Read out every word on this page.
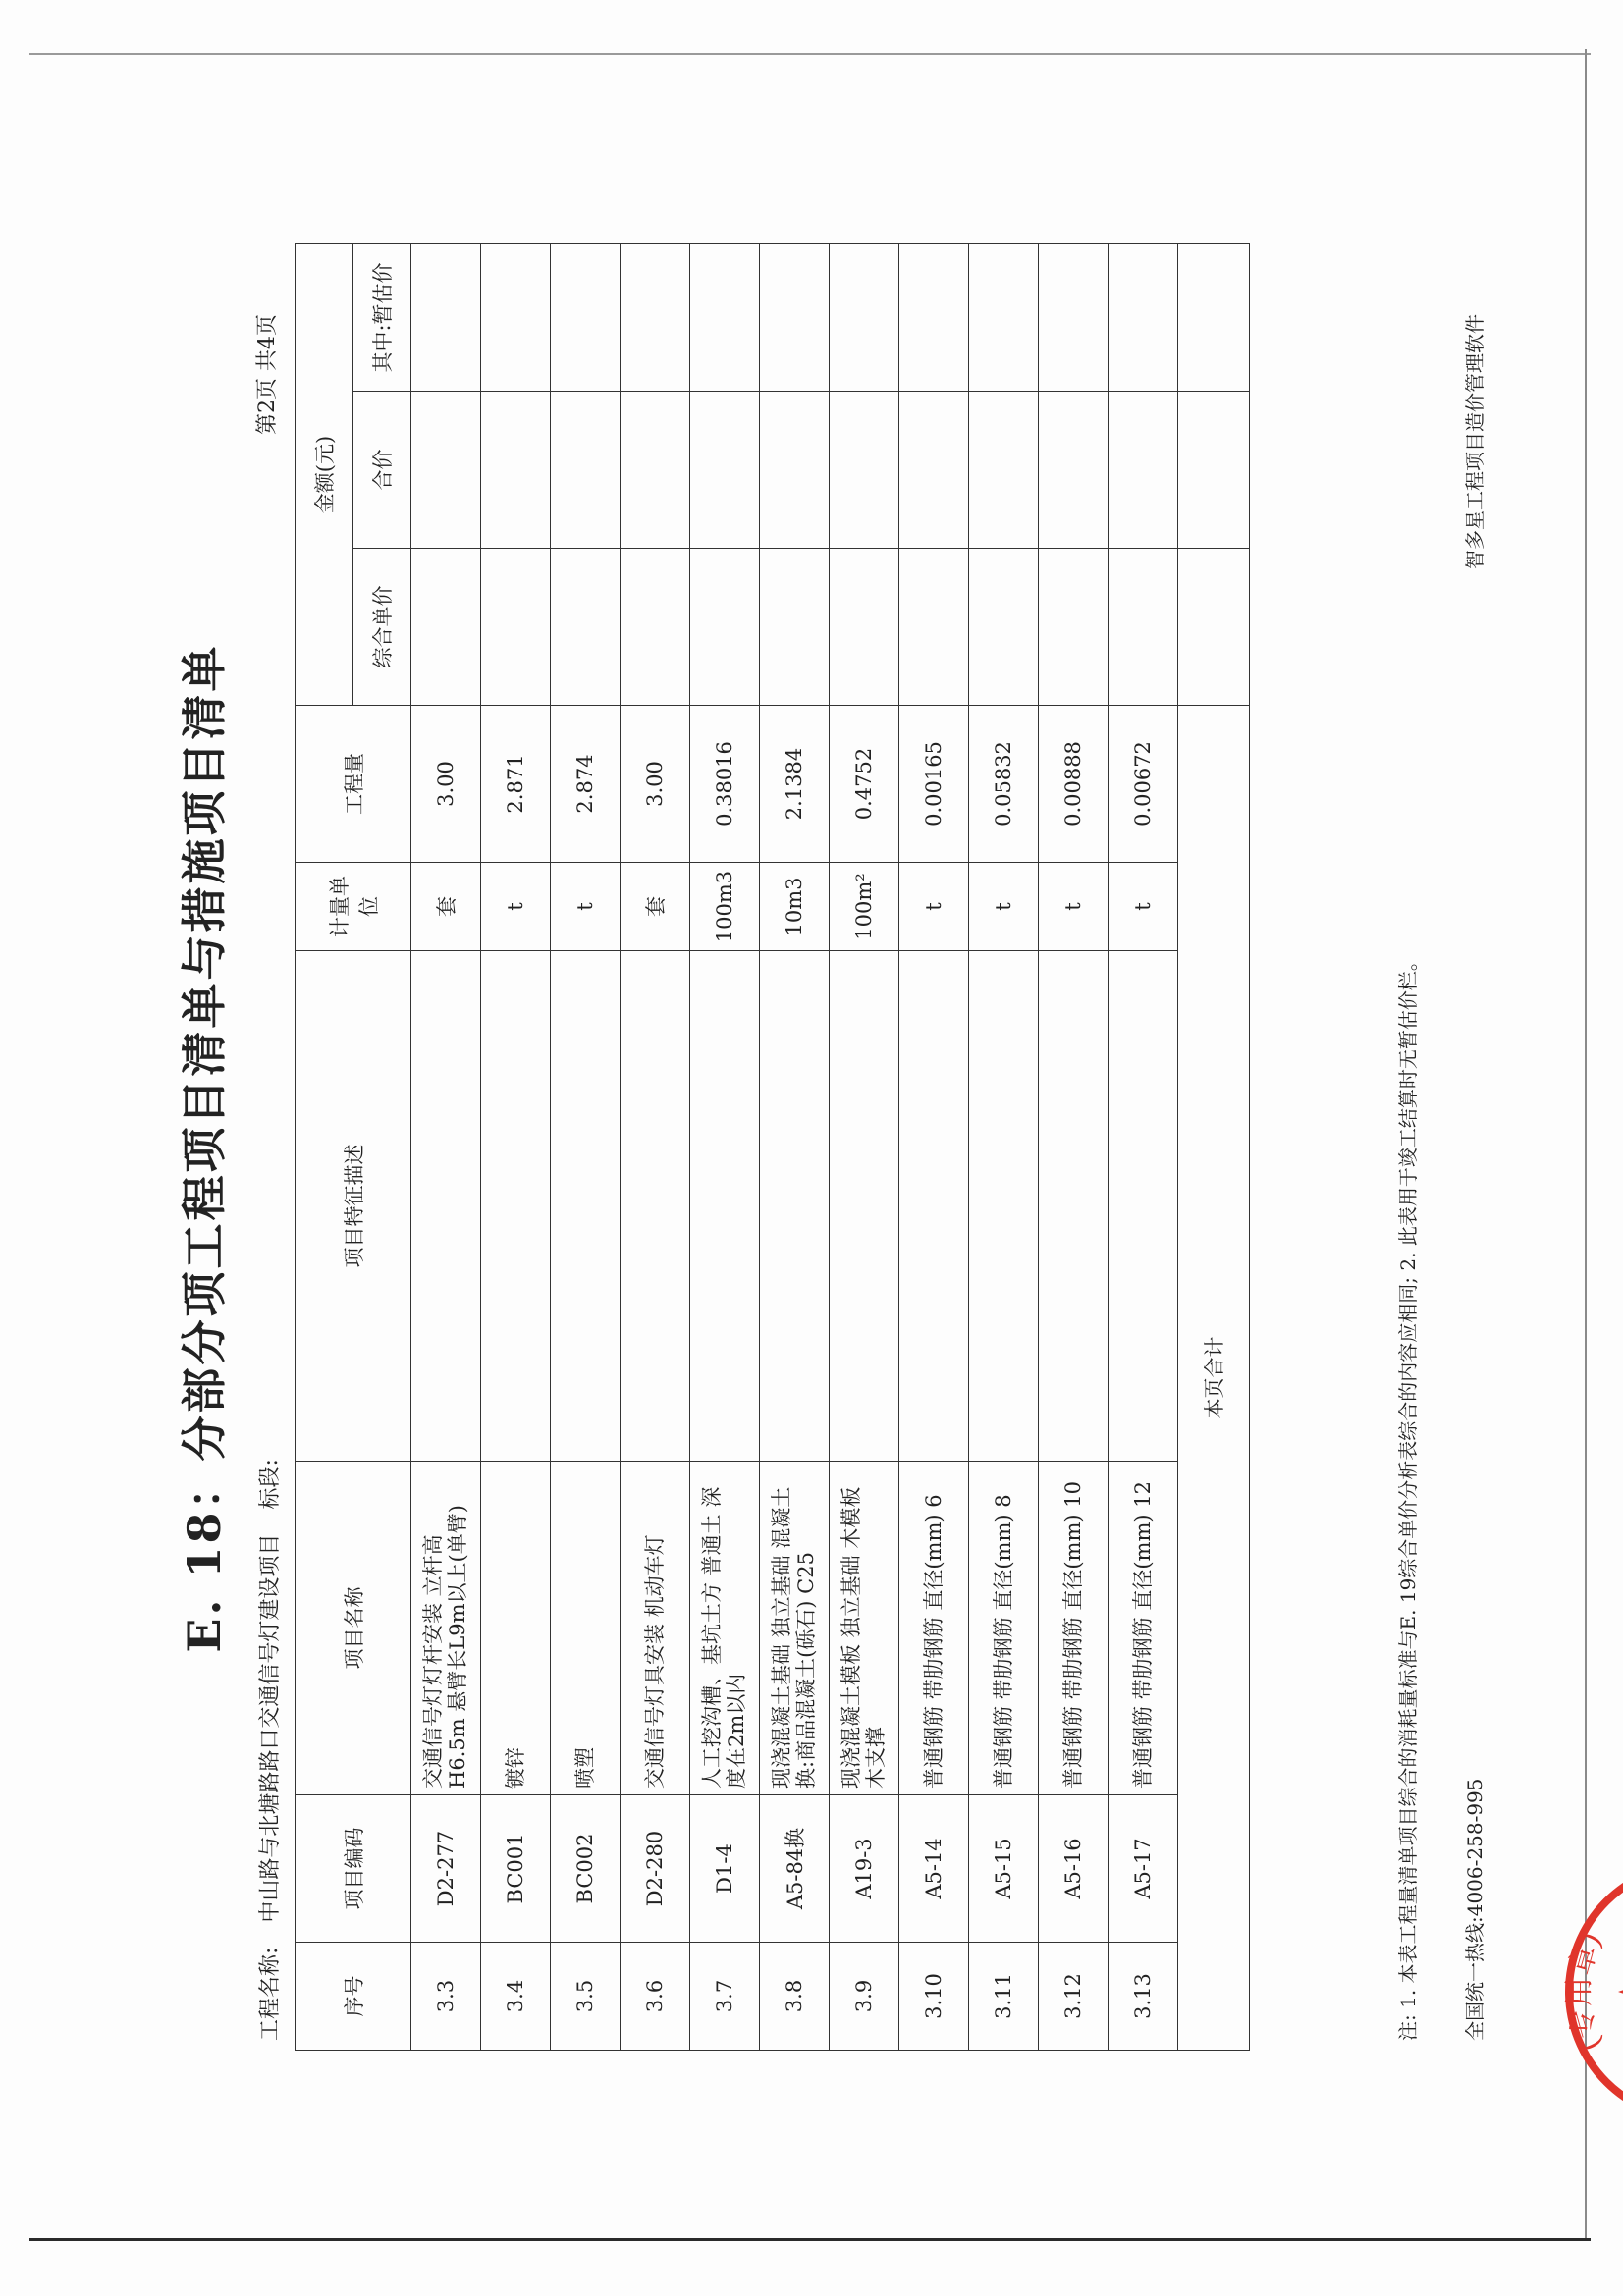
E. 18：分部分项工程项目清单与措施项目清单
第2页 共4页
工程名称: 中山路与北塘路路口交通信号灯建设项目 标段:
序号	项目编码	项目名称	项目特征描述	计量单位	工程量	金额(元)		
						综合单价	合价	其中:暂估价
3.3	D2-277	交通信号灯灯杆安装 立杆高H6.5m 悬臂长L9m以上(单臂)		套	3.00			
3.4	BC001	镀锌		t	2.871			
3.5	BC002	喷塑		t	2.874			
3.6	D2-280	交通信号灯具安装 机动车灯		套	3.00			
3.7	D1-4	人工挖沟槽、基坑土方 普通土 深度在2m以内		100m3	0.38016			
3.8	A5-84换	现浇混凝土基础 独立基础 混凝土 换:商品混凝土(砾石) C25		10m3	2.1384			
3.9	A19-3	现浇混凝土模板 独立基础 木模板木支撑		100m²	0.4752			
3.10	A5-14	普通钢筋 带肋钢筋 直径(mm) 6		t	0.00165			
3.11	A5-15	普通钢筋 带肋钢筋 直径(mm) 8		t	0.05832			
3.12	A5-16	普通钢筋 带肋钢筋 直径(mm) 10		t	0.00888			
3.13	A5-17	普通钢筋 带肋钢筋 直径(mm) 12		t	0.00672			
本页合计									注: 1. 本表工程量清单项目综合的消耗量标准与E. 19综合单价分析表综合的内容应相同; 2. 此表用于竣工结算时无暂估价栏。 全国统一热线:4006-258-995
智多星工程项目造价管理软件
(专用章)
